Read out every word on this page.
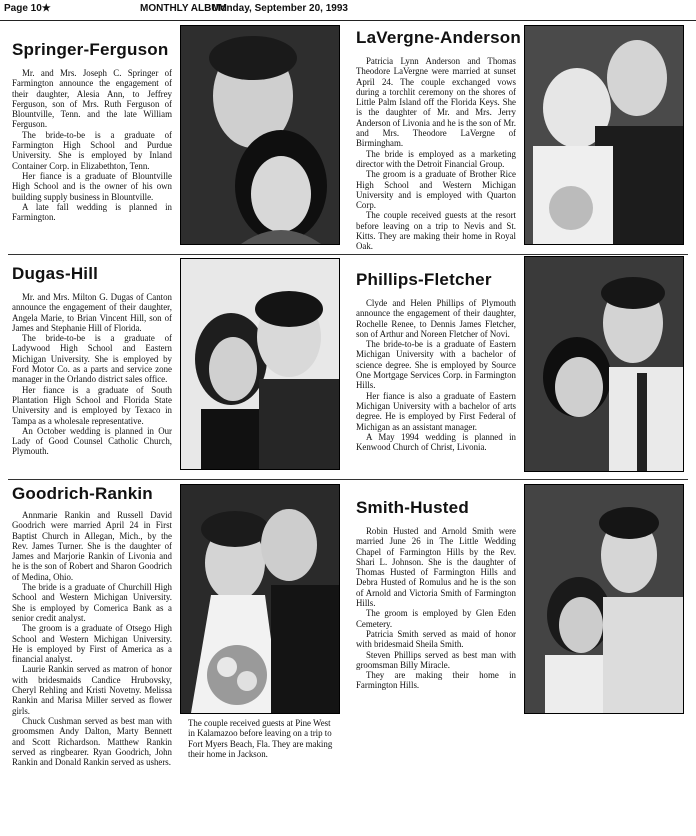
Page 10★	MONTHLY ALBUM
Monday, September 20, 1993
Springer-Ferguson

Mr. and Mrs. Joseph C. Springer of Farmington announce the engagement of their daughter, Alesia Ann, to Jeffrey Ferguson, son of Mrs. Ruth Ferguson of Blountville, Tenn. and the late William Ferguson.

The bride-to-be is a graduate of Farmington High School and Purdue University. She is employed by Inland Container Corp. in Elizabethton, Tenn.

Her fiance is a graduate of Blountville High School and is the owner of his own building supply business in Blountville.

A late fall wedding is planned in Farmington.

LaVergne-Anderson

Patricia Lynn Anderson and Thomas Theodore LaVergne were married at sunset April 24. The couple exchanged vows during a torchlit ceremony on the shores of Little Palm Island off the Florida Keys. She is the daughter of Mr. and Mrs. Jerry Anderson of Livonia and he is the son of Mr. and Mrs. Theodore LaVergne of Birmingham.

The bride is employed as a marketing director with the Detroit Financial Group.

The groom is a graduate of Brother Rice High School and Western Michigan University and is employed with Quarton Corp.

The couple received guests at the resort before leaving on a trip to Nevis and St. Kitts. They are making their home in Royal Oak.

Dugas-Hill

Mr. and Mrs. Milton G. Dugas of Canton announce the engagement of their daughter, Angela Marie, to Brian Vincent Hill, son of James and Stephanie Hill of Florida.

The bride-to-be is a graduate of Ladywood High School and Eastern Michigan University. She is employed by Ford Motor Co. as a parts and service zone manager in the Orlando district sales office.

Her fiance is a graduate of South Plantation High School and Florida State University and is employed by Texaco in Tampa as a wholesale representative.

An October wedding is planned in Our Lady of Good Counsel Catholic Church, Plymouth.

Phillips-Fletcher

Clyde and Helen Phillips of Plymouth announce the engagement of their daughter, Rochelle Renee, to Dennis James Fletcher, son of Arthur and Noreen Fletcher of Novi.

The bride-to-be is a graduate of Eastern Michigan University with a bachelor of science degree. She is employed by Source One Mortgage Services Corp. in Farmington Hills.

Her fiance is also a graduate of Eastern Michigan University with a bachelor of arts degree. He is employed by First Federal of Michigan as an assistant manager.

A May 1994 wedding is planned in Kenwood Church of Christ, Livonia.

Goodrich-Rankin

Annmarie Rankin and Russell David Goodrich were married April 24 in First Baptist Church in Allegan, Mich., by the Rev. James Turner. She is the daughter of James and Marjorie Rankin of Livonia and he is the son of Robert and Sharon Goodrich of Medina, Ohio.

The bride is a graduate of Churchill High School and Western Michigan University. She is employed by Comerica Bank as a senior credit analyst.

The groom is a graduate of Otsego High School and Western Michigan University. He is employed by First of America as a financial analyst.

Laurie Rankin served as matron of honor with bridesmaids Candice Hrubovsky, Cheryl Rehling and Kristi Novetny. Melissa Rankin and Marisa Miller served as flower girls.

Chuck Cushman served as best man with groomsmen Andy Dalton, Marty Bennett and Scott Richardson. Matthew Rankin served as ringbearer. Ryan Goodrich, John Rankin and Donald Rankin served as ushers.

The couple received guests at Pine West in Kalamazoo before leaving on a trip to Fort Myers Beach, Fla. They are making their home in Jackson.

Smith-Husted

Robin Husted and Arnold Smith were married June 26 in The Little Wedding Chapel of Farmington Hills by the Rev. Shari L. Johnson. She is the daughter of Thomas Husted of Farmington Hills and Debra Husted of Romulus and he is the son of Arnold and Victoria Smith of Farmington Hills.

The groom is employed by Glen Eden Cemetery.

Patricia Smith served as maid of honor with bridesmaid Sheila Smith.

Steven Phillips served as best man with groomsman Billy Miracle.

They are making their home in Farmington Hills.
